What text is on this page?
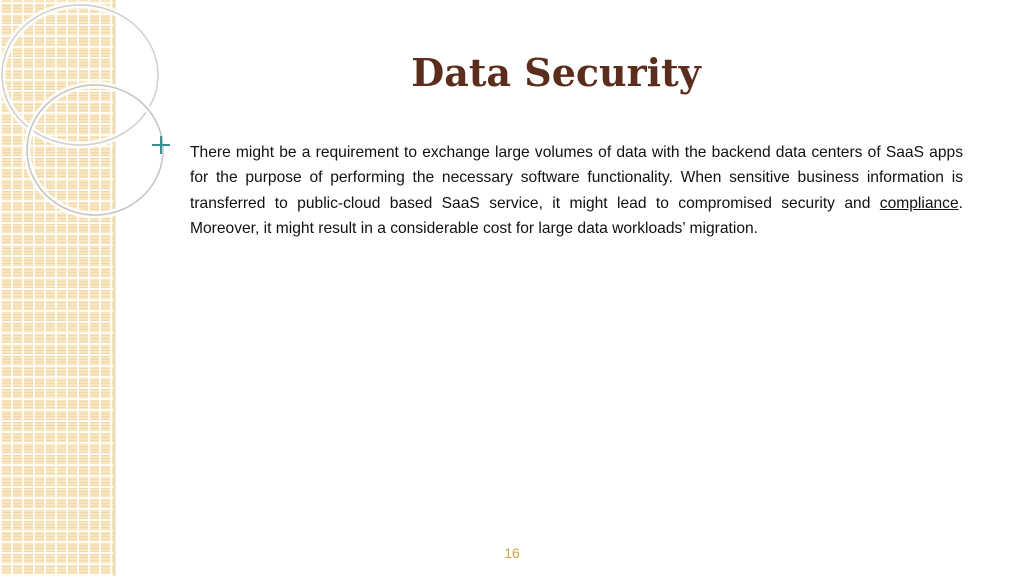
Data Security

There might be a requirement to exchange large volumes of data with the backend data centers of SaaS apps for the purpose of performing the necessary software functionality. When sensitive business information is transferred to public-cloud based SaaS service, it might lead to compromised security and compliance. Moreover, it might result in a considerable cost for large data workloads’ migration.

16
